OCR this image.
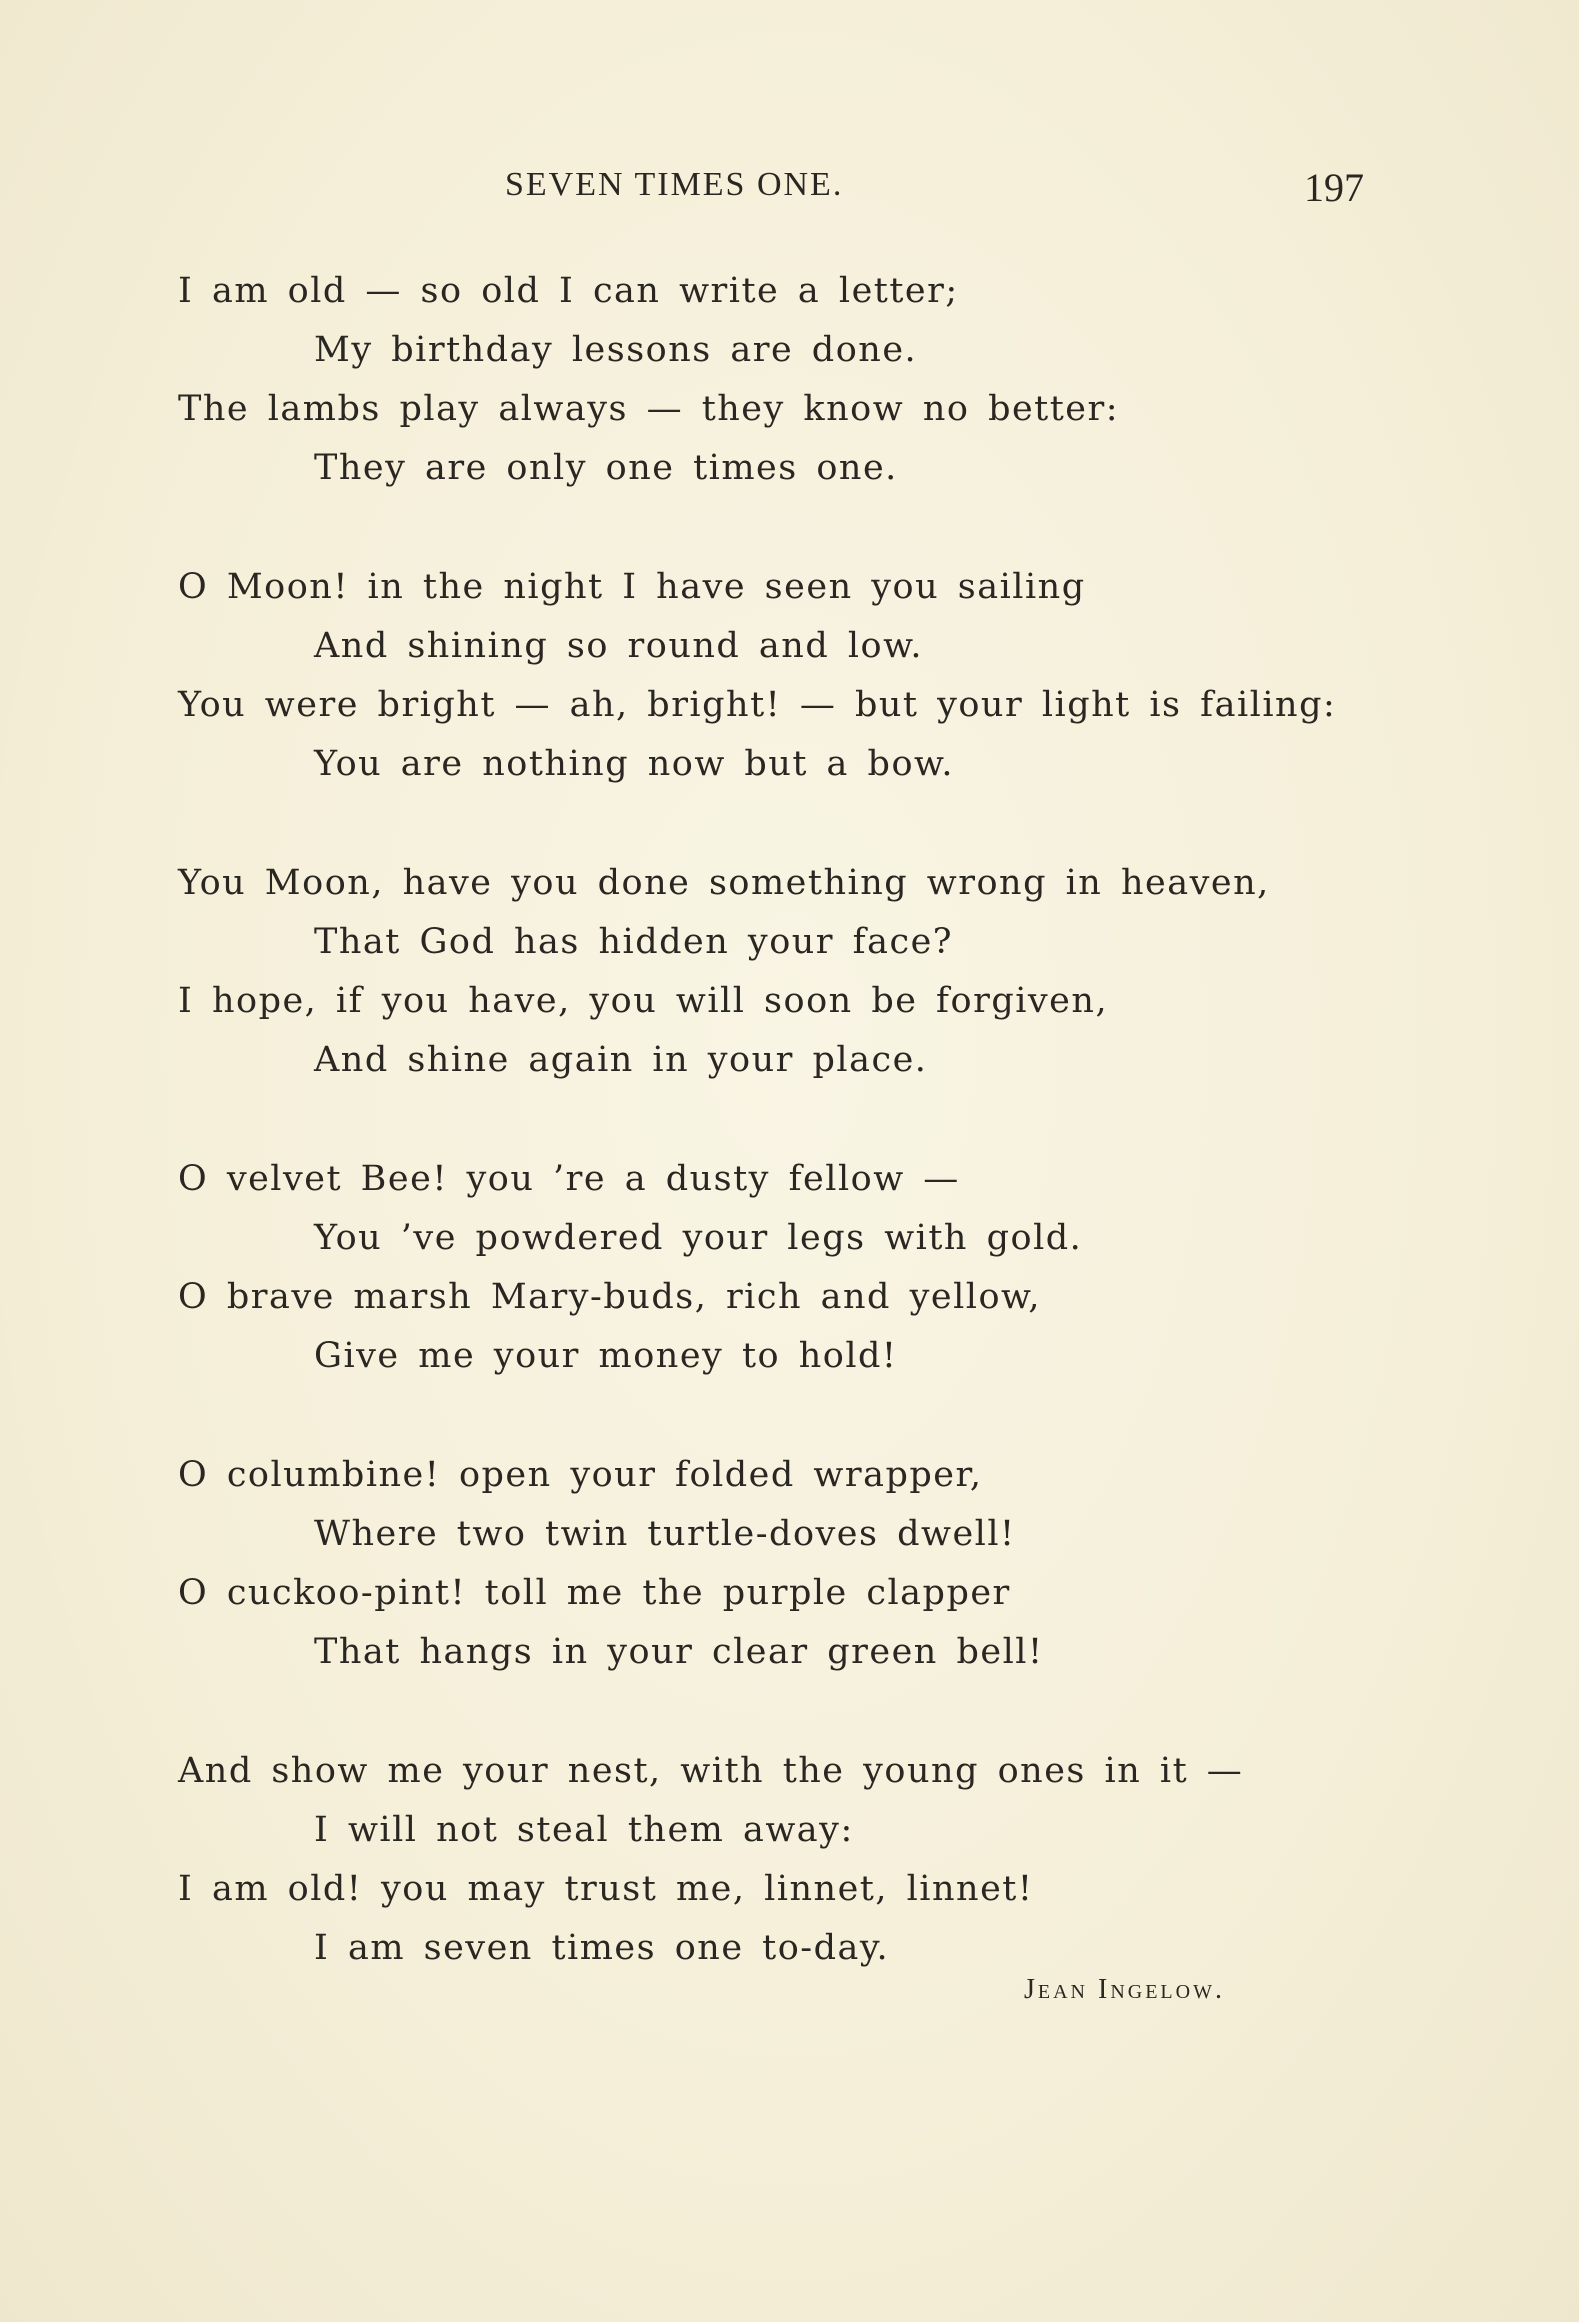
SEVEN TIMES ONE.	197
I am old — so old I can write a letter;
My birthday lessons are done.
The lambs play always — they know no better:
They are only one times one.
O Moon! in the night I have seen you sailing
And shining so round and low.
You were bright — ah, bright! — but your light is failing:
You are nothing now but a bow.
You Moon, have you done something wrong in heaven,
That God has hidden your face?
I hope, if you have, you will soon be forgiven,
And shine again in your place.
O velvet Bee! you ’re a dusty fellow —
You ’ve powdered your legs with gold.
O brave marsh Mary-buds, rich and yellow,
Give me your money to hold!
O columbine! open your folded wrapper,
Where two twin turtle-doves dwell!
O cuckoo-pint! toll me the purple clapper
That hangs in your clear green bell!
And show me your nest, with the young ones in it —
I will not steal them away:
I am old! you may trust me, linnet, linnet!
I am seven times one to-day.
Jean Ingelow.
